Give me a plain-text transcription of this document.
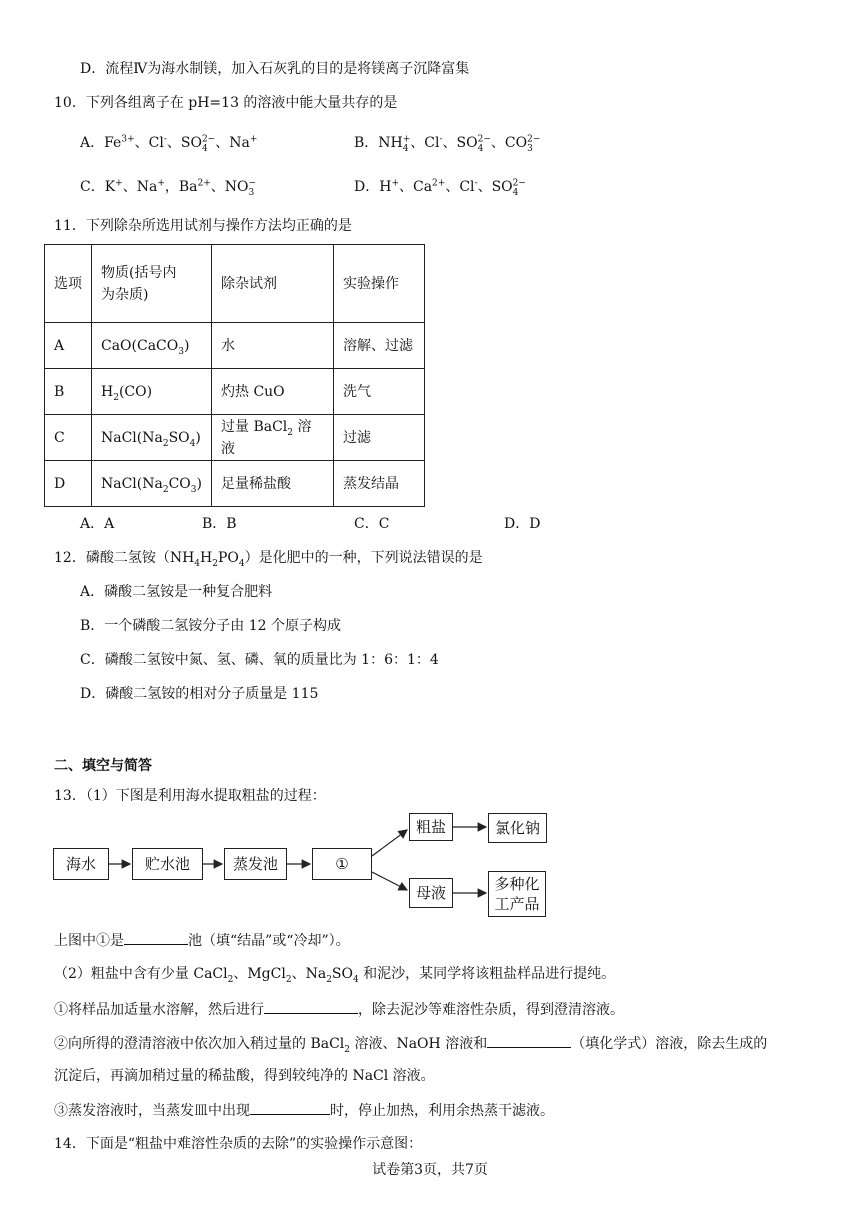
D．流程Ⅳ为海水制镁，加入石灰乳的目的是将镁离子沉降富集
10．下列各组离子在 pH=13 的溶液中能大量共存的是
A．$Fe^{3+}$、Cl-、$SO^{2-}$
4 、Na+	B．NH+
4 、Cl-、$SO^{2-}$
4 、$CO^{2-}$
3
C．K+、Na+，$Ba^{2+}$、NO−
3	D．H+、$Ca^{2+}$、Cl-、$SO^{2-}$
4
11．下列除杂所选用试剂与操作方法均正确的是
选项	物质(括号内
为杂质)	除杂试剂	实验操作
A	CaO(CaCO$_3$)	水	溶解、过滤
B	$H_2(CO)$	灼热 CuO	洗气
C	$NaCl(Na_2SO_4)$	过量 BaCl$_2$ 溶液	过滤
D	$NaCl(Na_2CO_3)$	足量稀盐酸	蒸发结晶
A．A	B．B	C．C	D．D
12．磷酸二氢铵$(NH_4H_2PO_4)$是化肥中的一种，下列说法错误的是
A．磷酸二氢铵是一种复合肥料
B．一个磷酸二氢铵分子由 12 个原子构成
C．磷酸二氢铵中氮、氢、磷、氧的质量比为 1：6：1：4
D．磷酸二氢铵的相对分子质量是 115
二、填空与简答
13．（1）下图是利用海水提取粗盐的过程：
海水	贮水池	蒸发池	①
粗盐	氯化钠
母液	多种化
工产品
上图中①是	池（填“结晶”或“冷却”）。
（2）粗盐中含有少量 CaCl$_2$、MgCl$_2$、$Na_2SO_4$ 和泥沙，某同学将该粗盐样品进行提纯。
①将样品加适量水溶解，然后进行	，除去泥沙等难溶性杂质，得到澄清溶液。
②向所得的澄清溶液中依次加入稍过量的 BaCl$_2$ 溶液、NaOH 溶液和	（填化学式）溶液，除去生成的
沉淀后，再滴加稍过量的稀盐酸，得到较纯净的 NaCl 溶液。
③蒸发溶液时，当蒸发皿中出现	时，停止加热，利用余热蒸干滤液。
14．下面是“粗盐中难溶性杂质的去除”的实验操作示意图：
试卷第3页，共7页
